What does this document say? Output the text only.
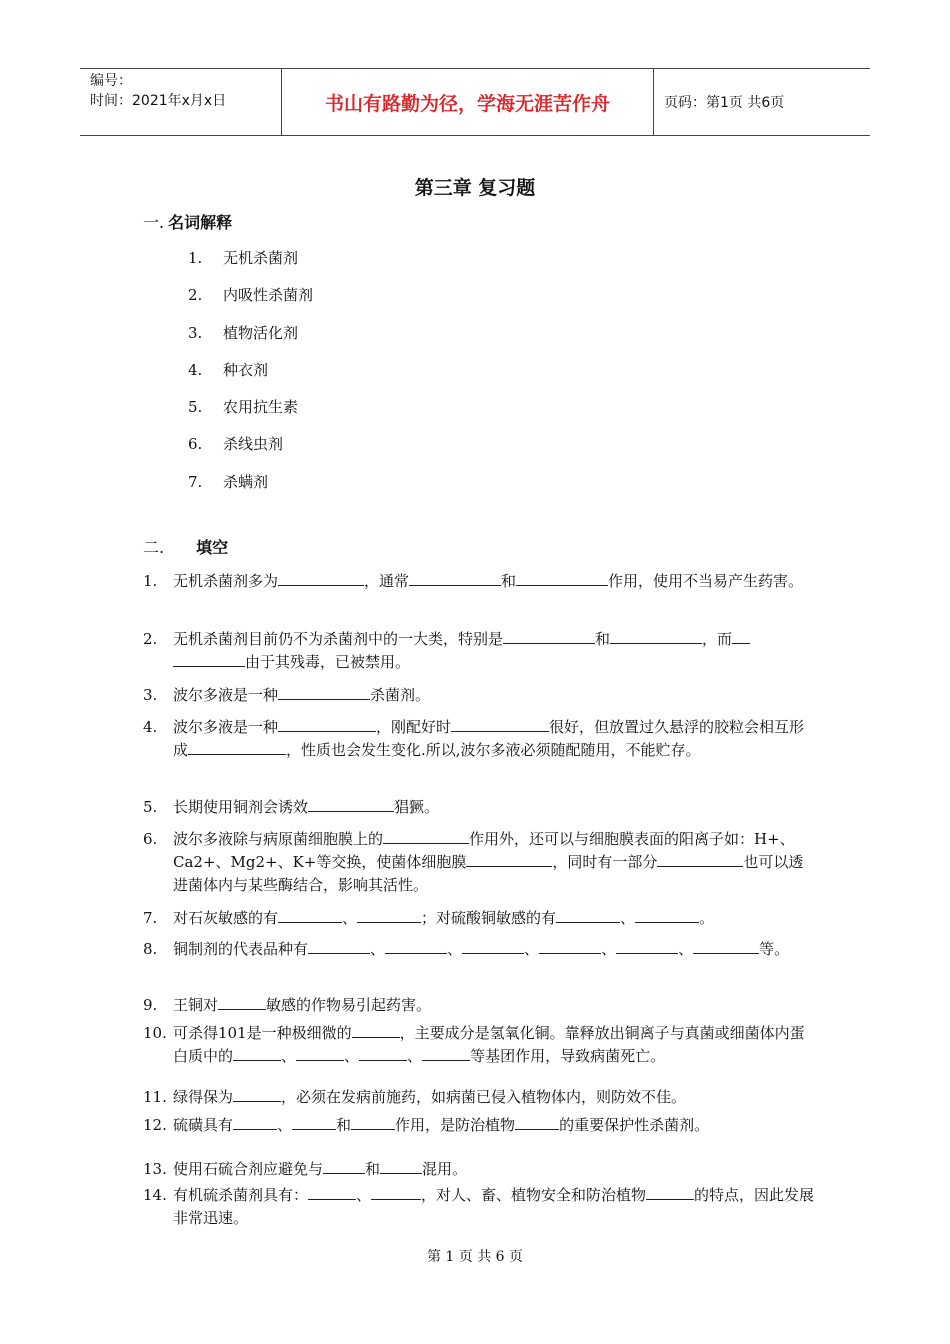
编号：
时间：2021年x月x日	书山有路勤为径，学海无涯苦作舟	页码：第1页 共6页
第三章 复习题
一. 名词解释
1. 无机杀菌剂
2. 内吸性杀菌剂
3. 植物活化剂
4. 种衣剂
5. 农用抗生素
6. 杀线虫剂
7. 杀螨剂
二. 填空
1. 无机杀菌剂多为	，通常	和	作用，使用不当易产生药害。
2. 无机杀菌剂目前仍不为杀菌剂中的一大类，特别是	和	，而由于其残毒，已被禁用。
3. 波尔多液是一种	杀菌剂。
4. 波尔多液是一种	，刚配好时	很好，但放置过久悬浮的胶粒会相互形成	，性质也会发生变化.所以,波尔多液必须随配随用，不能贮存。
5. 长期使用铜剂会诱效	猖獗。
6. 波尔多液除与病原菌细胞膜上的	作用外，还可以与细胞膜表面的阳离子如：H+、Ca2+、Mg2+、K+等交换，使菌体细胞膜	，同时有一部分	也可以透进菌体内与某些酶结合，影响其活性。
7. 对石灰敏感的有	、	；对硫酸铜敏感的有	、	。
8. 铜制剂的代表品种有	、	、	、	、	、	等。
9. 王铜对	敏感的作物易引起药害。
10. 可杀得101是一种极细微的	，主要成分是氢氧化铜。靠释放出铜离子与真菌或细菌体内蛋白质中的	、	、	、	等基团作用，导致病菌死亡。
11. 绿得保为	，必须在发病前施药，如病菌已侵入植物体内，则防效不佳。
12. 硫磺具有	、	和	作用，是防治植物	的重要保护性杀菌剂。
13. 使用石硫合剂应避免与	和	混用。
14. 有机硫杀菌剂具有：	、	，对人、畜、植物安全和防治植物	的特点，因此发展非常迅速。
第 1 页 共 6 页
